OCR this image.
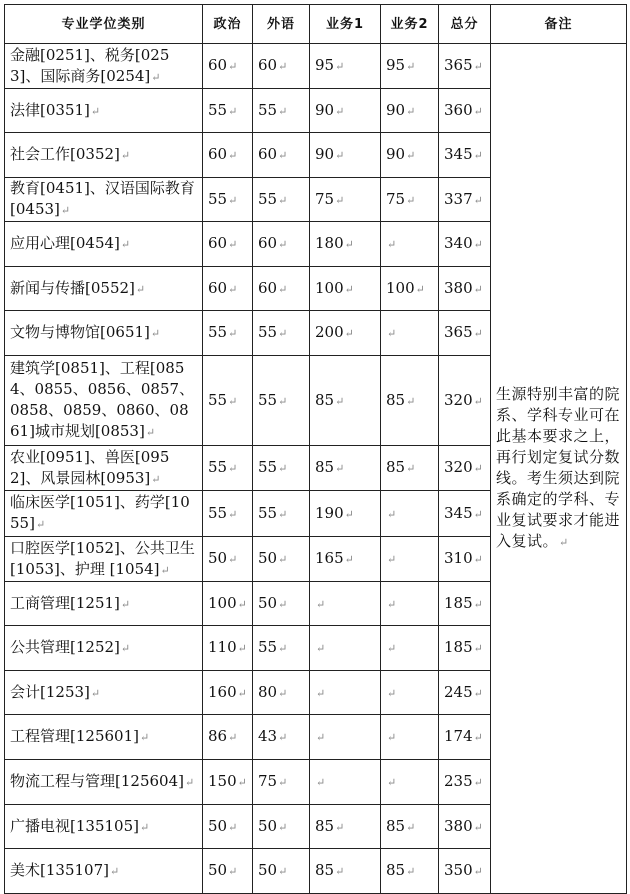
专业学位类别	政治	外语	业务1	业务2	总分	备注
金融[0251]、税务[0253]、国际商务[0254]↵	60↵	60↵	95↵	95↵	365↵	生源特别丰富的院系、学科专业可在此基本要求之上，再行划定复试分数线。考生须达到院系确定的学科、专业复试要求才能进入复试。↵
法律[0351]↵	55↵	55↵	90↵	90↵	360↵	
社会工作[0352]↵	60↵	60↵	90↵	90↵	345↵	
教育[0451]、汉语国际教育[0453]↵	55↵	55↵	75↵	75↵	337↵	
应用心理[0454]↵	60↵	60↵	180↵	↵	340↵	
新闻与传播[0552]↵	60↵	60↵	100↵	100↵	380↵	
文物与博物馆[0651]↵	55↵	55↵	200↵	↵	365↵	
建筑学[0851]、工程[0854、0855、0856、0857、0858、0859、0860、0861]城市规划[0853]↵	55↵	55↵	85↵	85↵	320↵	
农业[0951]、兽医[0952]、风景园林[0953]↵	55↵	55↵	85↵	85↵	320↵	
临床医学[1051]、药学[1055]↵	55↵	55↵	190↵	↵	345↵	
口腔医学[1052]、公共卫生 [1053]、护理 [1054]↵	50↵	50↵	165↵	↵	310↵	
工商管理[1251]↵	100↵	50↵	↵	↵	185↵	
公共管理[1252]↵	110↵	55↵	↵	↵	185↵	
会计[1253]↵	160↵	80↵	↵	↵	245↵	
工程管理[125601]↵	86↵	43↵	↵	↵	174↵	
物流工程与管理[125604]↵	150↵	75↵	↵	↵	235↵	
广播电视[135105]↵	50↵	50↵	85↵	85↵	380↵	
美术[135107]↵	50↵	50↵	85↵	85↵	350↵	
